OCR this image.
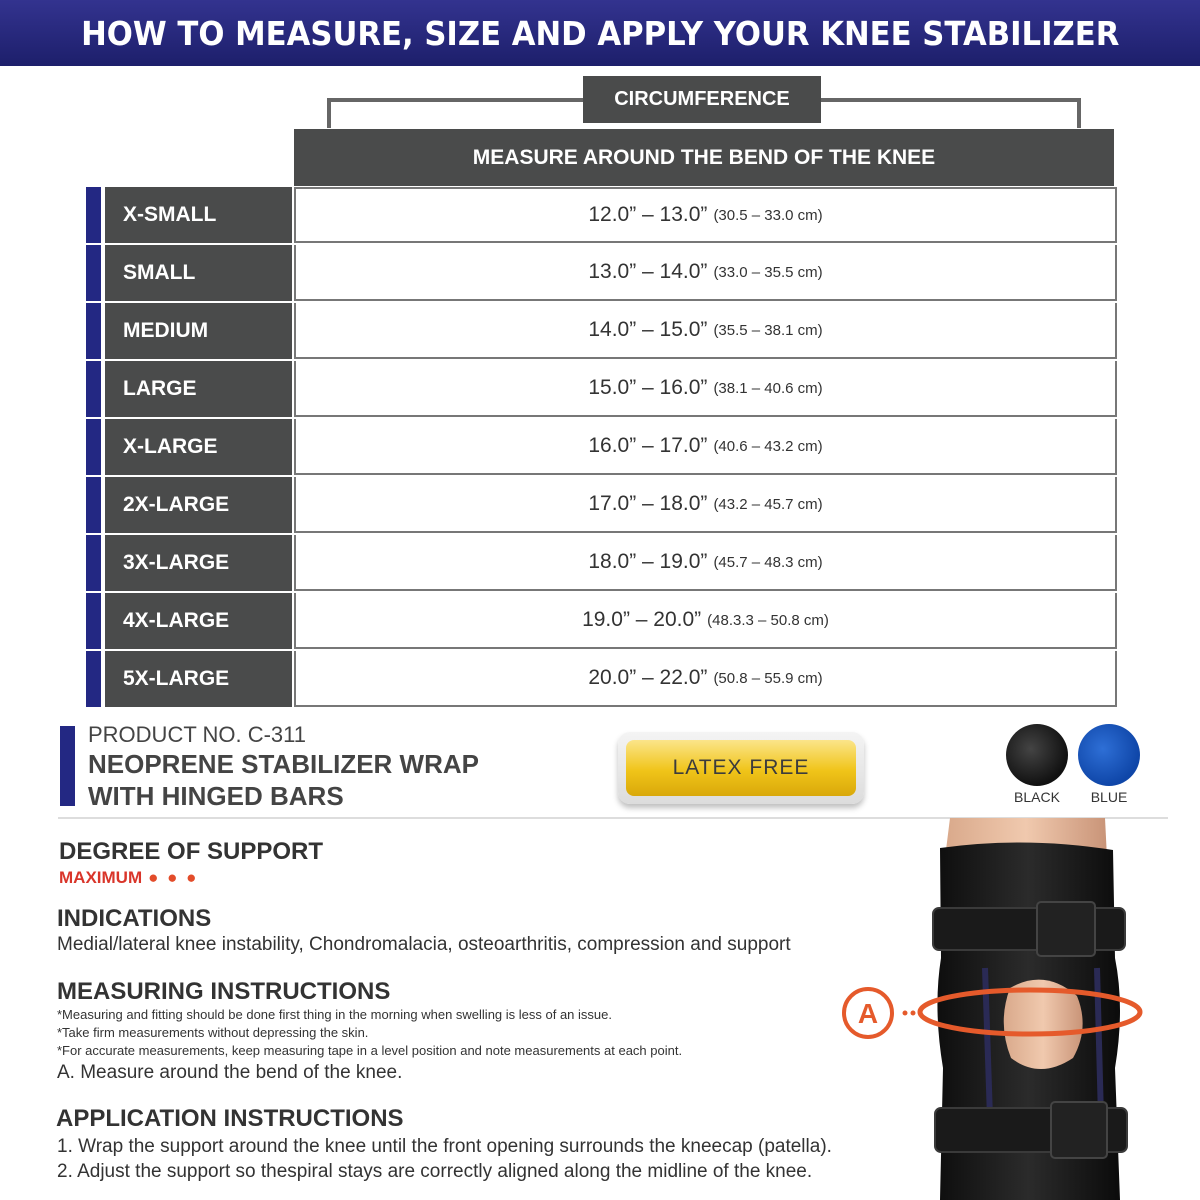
HOW TO MEASURE, SIZE AND APPLY YOUR KNEE STABILIZER
CIRCUMFERENCE
MEASURE AROUND THE BEND OF THE KNEE
X-SMALL	12.0” – 13.0” (30.5 – 33.0 cm)
SMALL	13.0” – 14.0” (33.0 – 35.5 cm)
MEDIUM	14.0” – 15.0” (35.5 – 38.1 cm)
LARGE	15.0” – 16.0” (38.1 – 40.6 cm)
X-LARGE	16.0” – 17.0” (40.6 – 43.2 cm)
2X-LARGE	17.0” – 18.0” (43.2 – 45.7 cm)
3X-LARGE	18.0” – 19.0” (45.7 – 48.3 cm)
4X-LARGE	19.0” – 20.0” (48.3.3 – 50.8 cm)
5X-LARGE	20.0” – 22.0” (50.8 – 55.9 cm)
PRODUCT NO. C-311
NEOPRENE STABILIZER WRAP
WITH HINGED BARS
LATEX FREE
BLACK	BLUE
DEGREE OF SUPPORT
MAXIMUM ● ● ●
INDICATIONS
Medial/lateral knee instability, Chondromalacia, osteoarthritis, compression and support
MEASURING INSTRUCTIONS
*Measuring and fitting should be done first thing in the morning when swelling is less of an issue.
*Take firm measurements without depressing the skin.
*For accurate measurements, keep measuring tape in a level position and note measurements at each point.
A. Measure around the bend of the knee.
APPLICATION INSTRUCTIONS
1. Wrap the support around the knee until the front opening surrounds the kneecap (patella).
2. Adjust the support so thespiral stays are correctly aligned along the midline of the knee.
A
